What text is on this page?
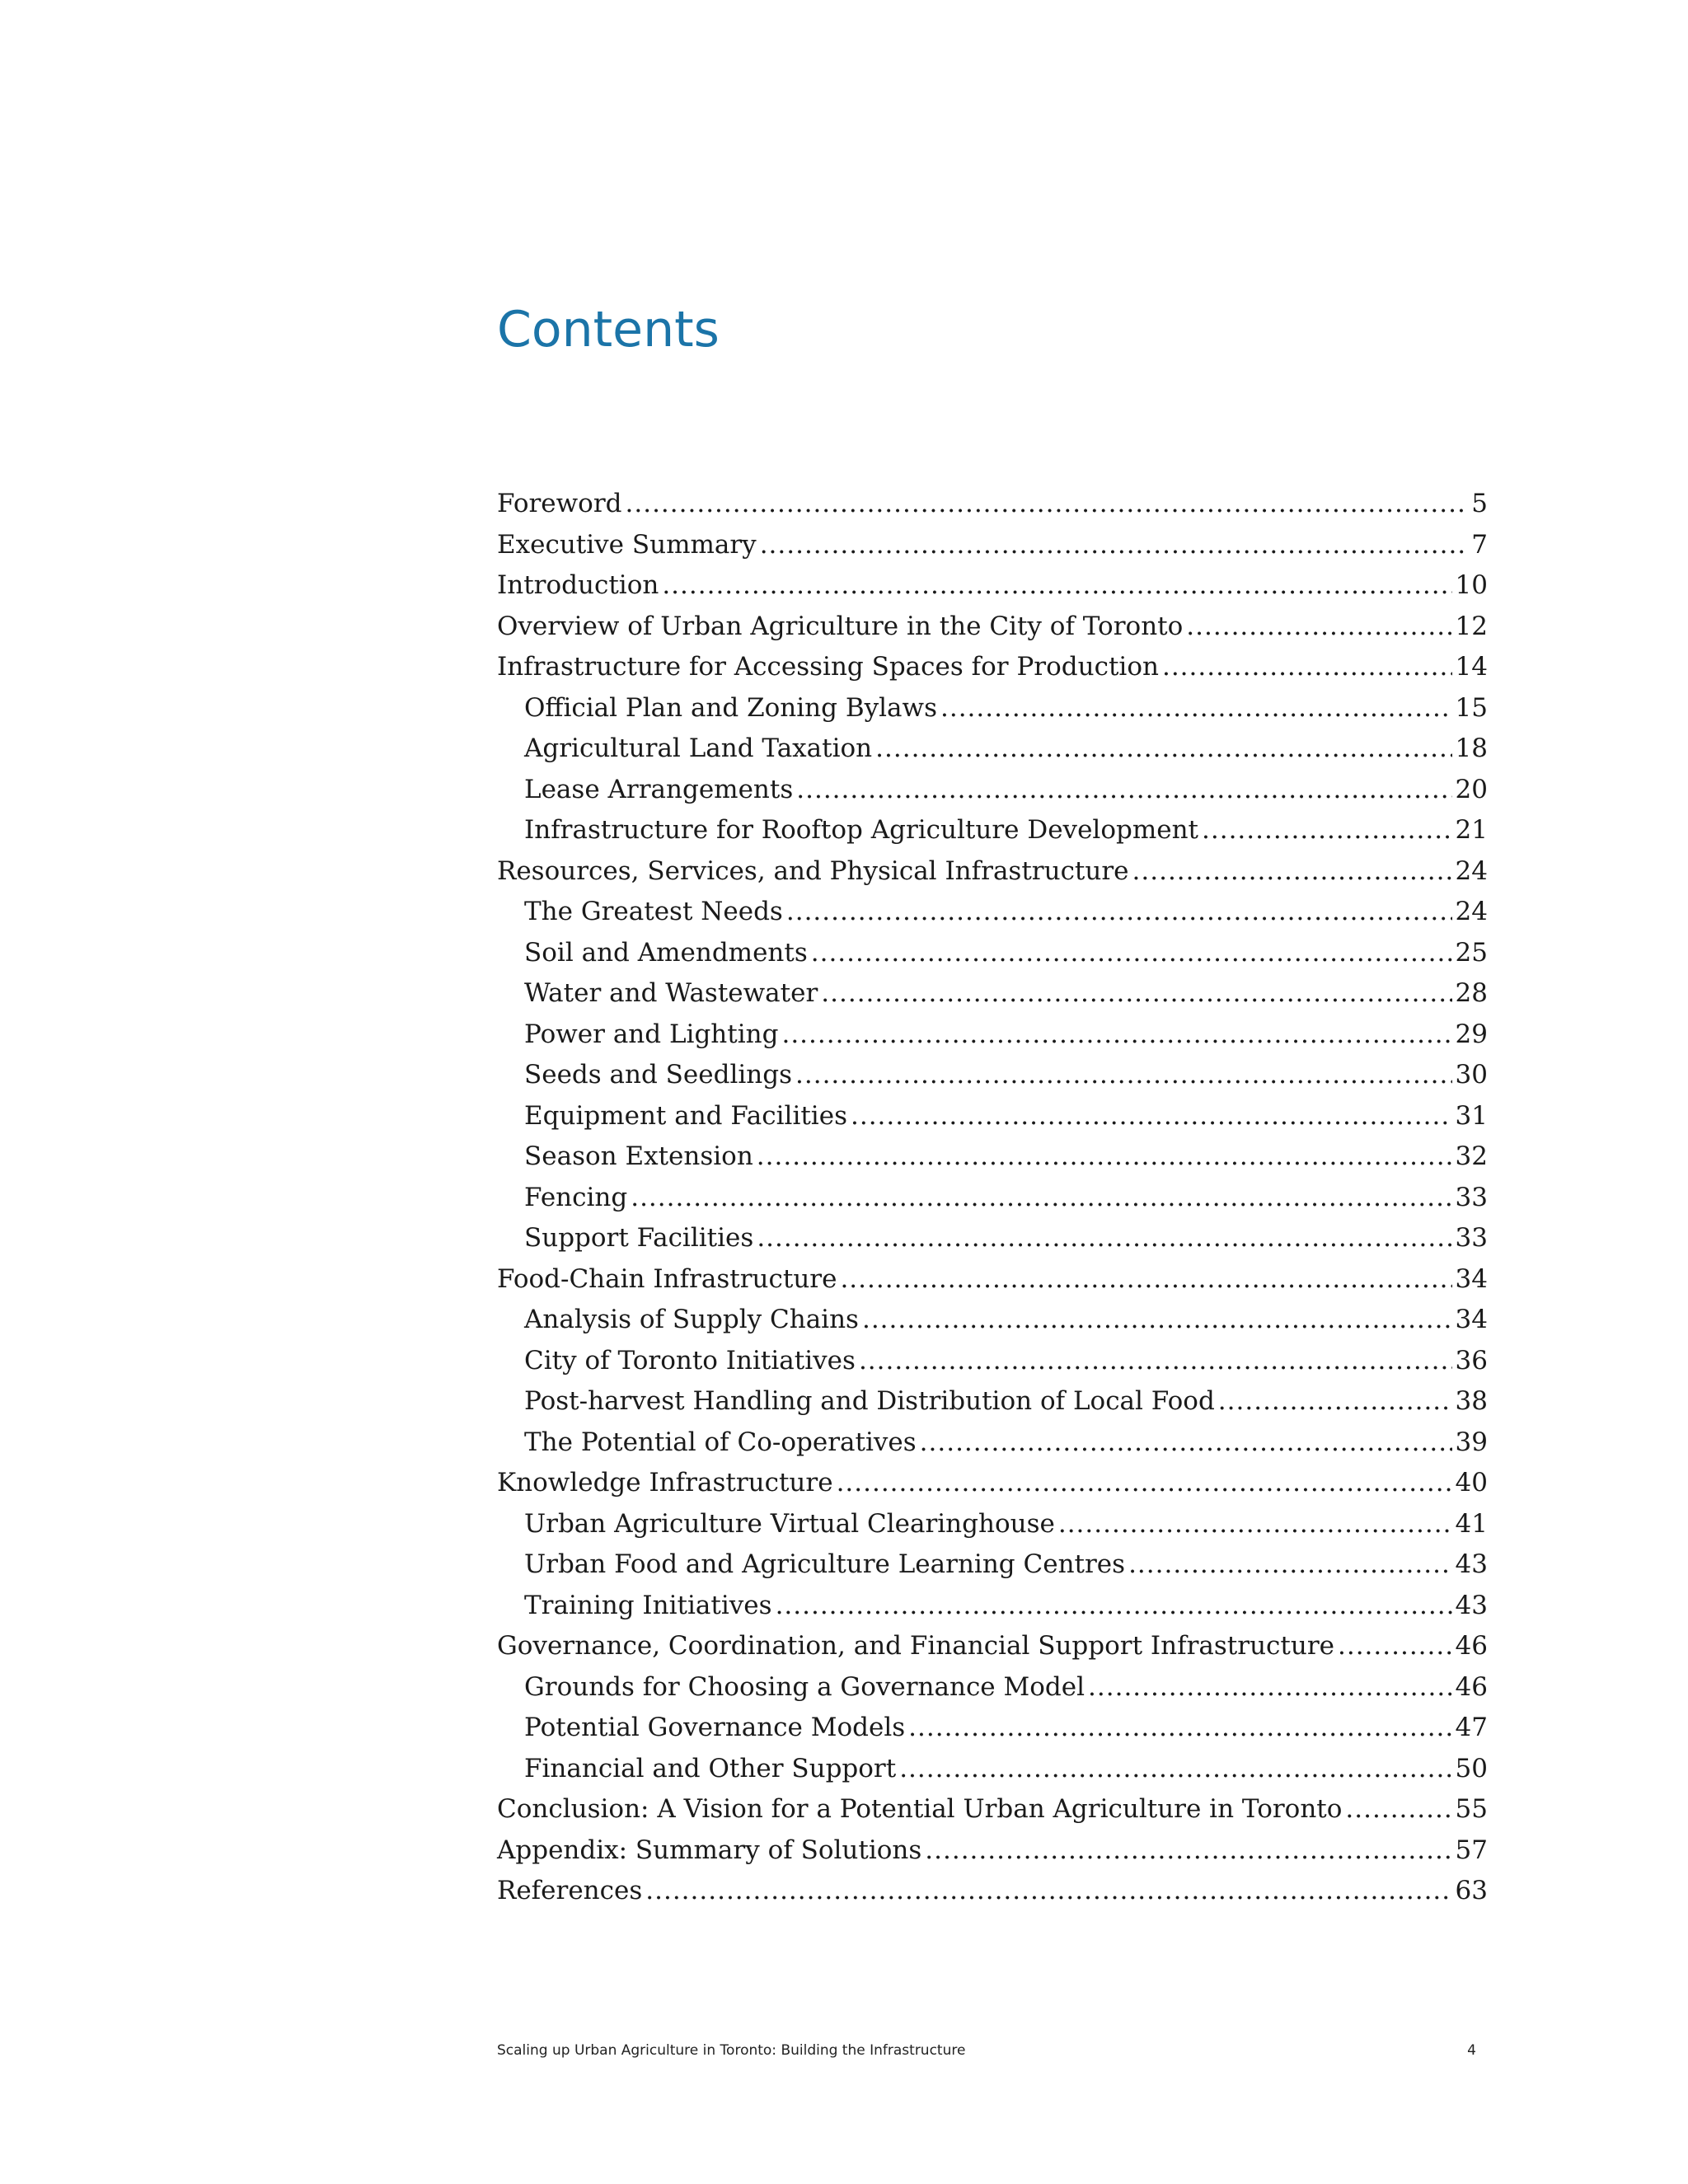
Contents
Foreword .....	5
Executive Summary .....	7
Introduction .....	10
Overview of Urban Agriculture in the City of Toronto .....	12
Infrastructure for Accessing Spaces for Production .....	14
Official Plan and Zoning Bylaws .....	15
Agricultural Land Taxation .....	18
Lease Arrangements .....	20
Infrastructure for Rooftop Agriculture Development .....	21
Resources, Services, and Physical Infrastructure .....	24
The Greatest Needs .....	24
Soil and Amendments .....	25
Water and Wastewater .....	28
Power and Lighting .....	29
Seeds and Seedlings .....	30
Equipment and Facilities .....	31
Season Extension .....	32
Fencing .....	33
Support Facilities .....	33
Food-Chain Infrastructure .....	34
Analysis of Supply Chains .....	34
City of Toronto Initiatives .....	36
Post-harvest Handling and Distribution of Local Food .....	38
The Potential of Co-operatives .....	39
Knowledge Infrastructure .....	40
Urban Agriculture Virtual Clearinghouse .....	41
Urban Food and Agriculture Learning Centres .....	43
Training Initiatives .....	43
Governance, Coordination, and Financial Support Infrastructure .....	46
Grounds for Choosing a Governance Model .....	46
Potential Governance Models .....	47
Financial and Other Support .....	50
Conclusion: A Vision for a Potential Urban Agriculture in Toronto .....	55
Appendix: Summary of Solutions .....	57
References .....	63
Scaling up Urban Agriculture in Toronto: Building the Infrastructure	4
